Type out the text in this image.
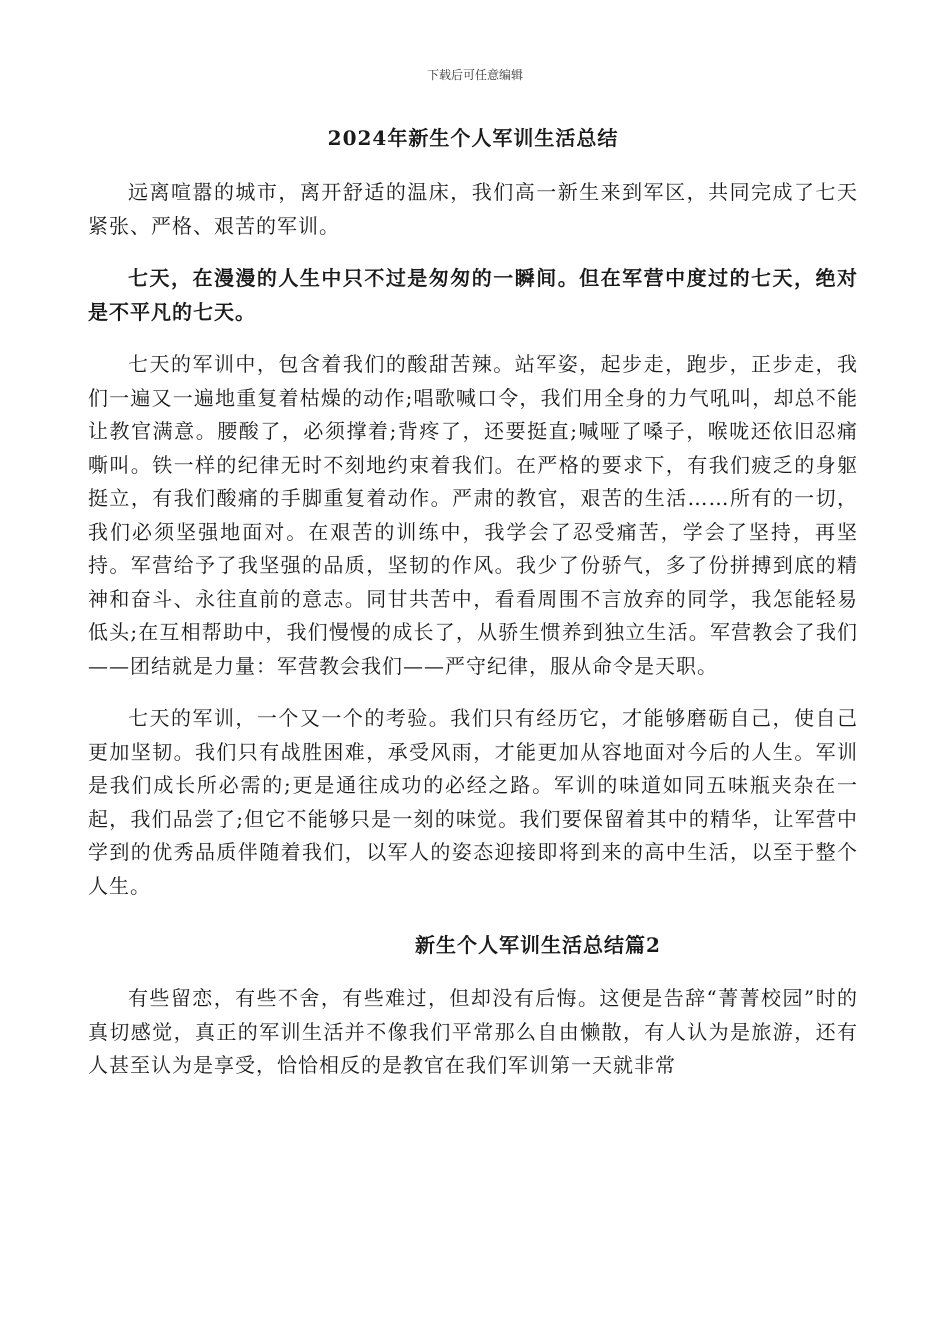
下载后可任意编辑
2024年新生个人军训生活总结

远离喧嚣的城市，离开舒适的温床，我们高一新生来到军区，共同完成了七天紧张、严格、艰苦的军训。

七天，在漫漫的人生中只不过是匆匆的一瞬间。但在军营中度过的七天，绝对是不平凡的七天。

七天的军训中，包含着我们的酸甜苦辣。站军姿，起步走，跑步，正步走，我们一遍又一遍地重复着枯燥的动作;唱歌喊口令，我们用全身的力气吼叫，却总不能让教官满意。腰酸了，必须撑着;背疼了，还要挺直;喊哑了嗓子，喉咙还依旧忍痛嘶叫。铁一样的纪律无时不刻地约束着我们。在严格的要求下，有我们疲乏的身躯挺立，有我们酸痛的手脚重复着动作。严肃的教官，艰苦的生活……所有的一切，我们必须坚强地面对。在艰苦的训练中，我学会了忍受痛苦，学会了坚持，再坚持。军营给予了我坚强的品质，坚韧的作风。我少了份骄气，多了份拼搏到底的精神和奋斗、永往直前的意志。同甘共苦中，看看周围不言放弃的同学，我怎能轻易低头;在互相帮助中，我们慢慢的成长了，从骄生惯养到独立生活。军营教会了我们——团结就是力量：军营教会我们——严守纪律，服从命令是天职。

七天的军训，一个又一个的考验。我们只有经历它，才能够磨砺自己，使自己更加坚韧。我们只有战胜困难，承受风雨，才能更加从容地面对今后的人生。军训是我们成长所必需的;更是通往成功的必经之路。军训的味道如同五味瓶夹杂在一起，我们品尝了;但它不能够只是一刻的味觉。我们要保留着其中的精华，让军营中学到的优秀品质伴随着我们，以军人的姿态迎接即将到来的高中生活，以至于整个人生。

新生个人军训生活总结篇2

有些留恋，有些不舍，有些难过，但却没有后悔。这便是告辞“菁菁校园”时的真切感觉，真正的军训生活并不像我们平常那么自由懒散，有人认为是旅游，还有人甚至认为是享受，恰恰相反的是教官在我们军训第一天就非常
